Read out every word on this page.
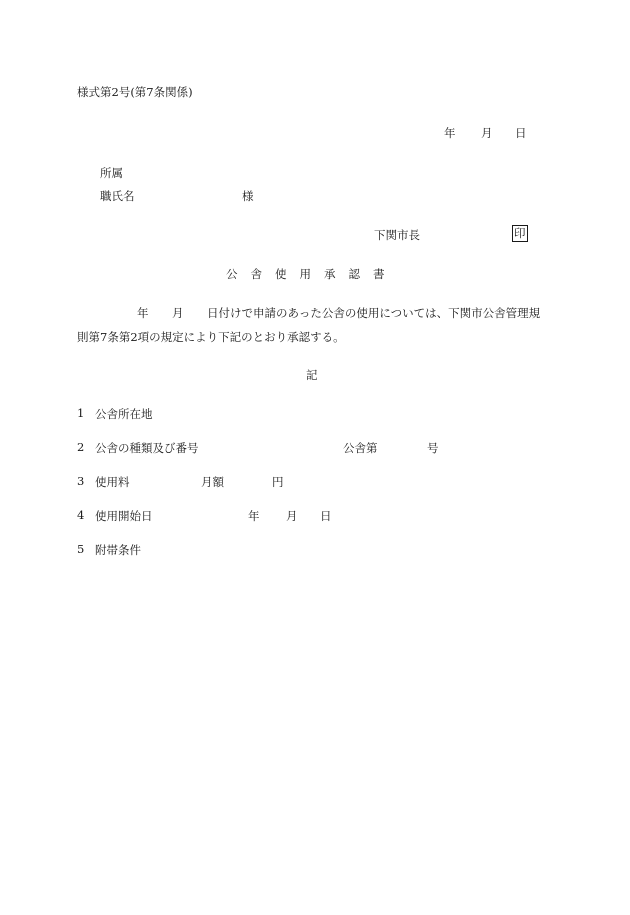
様式第2号(第7条関係)
年 月 日
所属
職氏名	様
下関市長	印
公舎使用承認書
年 月 日付けで申請のあった公舎の使用については、下関市公舎管理規
則第7条第2項の規定により下記のとおり承認する。
記
1 公舎所在地
2 公舎の種類及び番号	公舎第	号
3 使用料	月額	円
4 使用開始日	年 月 日
5 附帯条件
